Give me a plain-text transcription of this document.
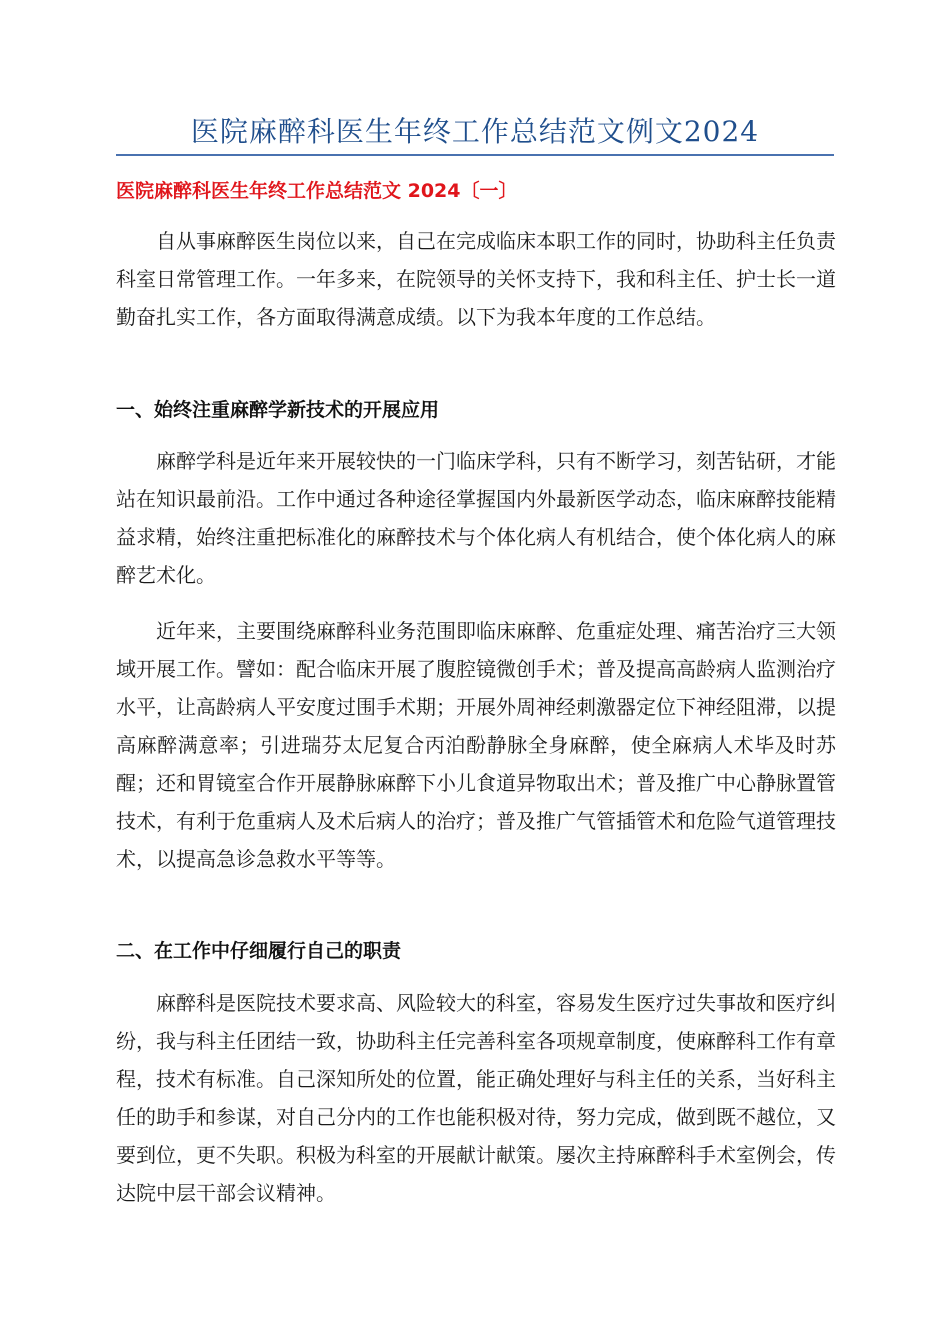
医院麻醉科医生年终工作总结范文例文2024
医院麻醉科医生年终工作总结范文 2024〔一〕

自从事麻醉医生岗位以来，自己在完成临床本职工作的同时，协助科主任负责科室日常管理工作。一年多来，在院领导的关怀支持下，我和科主任、护士长一道勤奋扎实工作，各方面取得满意成绩。以下为我本年度的工作总结。

一、始终注重麻醉学新技术的开展应用

麻醉学科是近年来开展较快的一门临床学科，只有不断学习，刻苦钻研，才能站在知识最前沿。工作中通过各种途径掌握国内外最新医学动态，临床麻醉技能精益求精，始终注重把标准化的麻醉技术与个体化病人有机结合，使个体化病人的麻醉艺术化。

近年来，主要围绕麻醉科业务范围即临床麻醉、危重症处理、痛苦治疗三大领域开展工作。譬如：配合临床开展了腹腔镜微创手术；普及提高高龄病人监测治疗水平，让高龄病人平安度过围手术期；开展外周神经刺激器定位下神经阻滞，以提高麻醉满意率；引进瑞芬太尼复合丙泊酚静脉全身麻醉，使全麻病人术毕及时苏醒；还和胃镜室合作开展静脉麻醉下小儿食道异物取出术；普及推广中心静脉置管技术，有利于危重病人及术后病人的治疗；普及推广气管插管术和危险气道管理技术，以提高急诊急救水平等等。

二、在工作中仔细履行自己的职责

麻醉科是医院技术要求高、风险较大的科室，容易发生医疗过失事故和医疗纠纷，我与科主任团结一致，协助科主任完善科室各项规章制度，使麻醉科工作有章程，技术有标准。自己深知所处的位置，能正确处理好与科主任的关系，当好科主任的助手和参谋，对自己分内的工作也能积极对待，努力完成，做到既不越位，又要到位，更不失职。积极为科室的开展献计献策。屡次主持麻醉科手术室例会，传达院中层干部会议精神。
